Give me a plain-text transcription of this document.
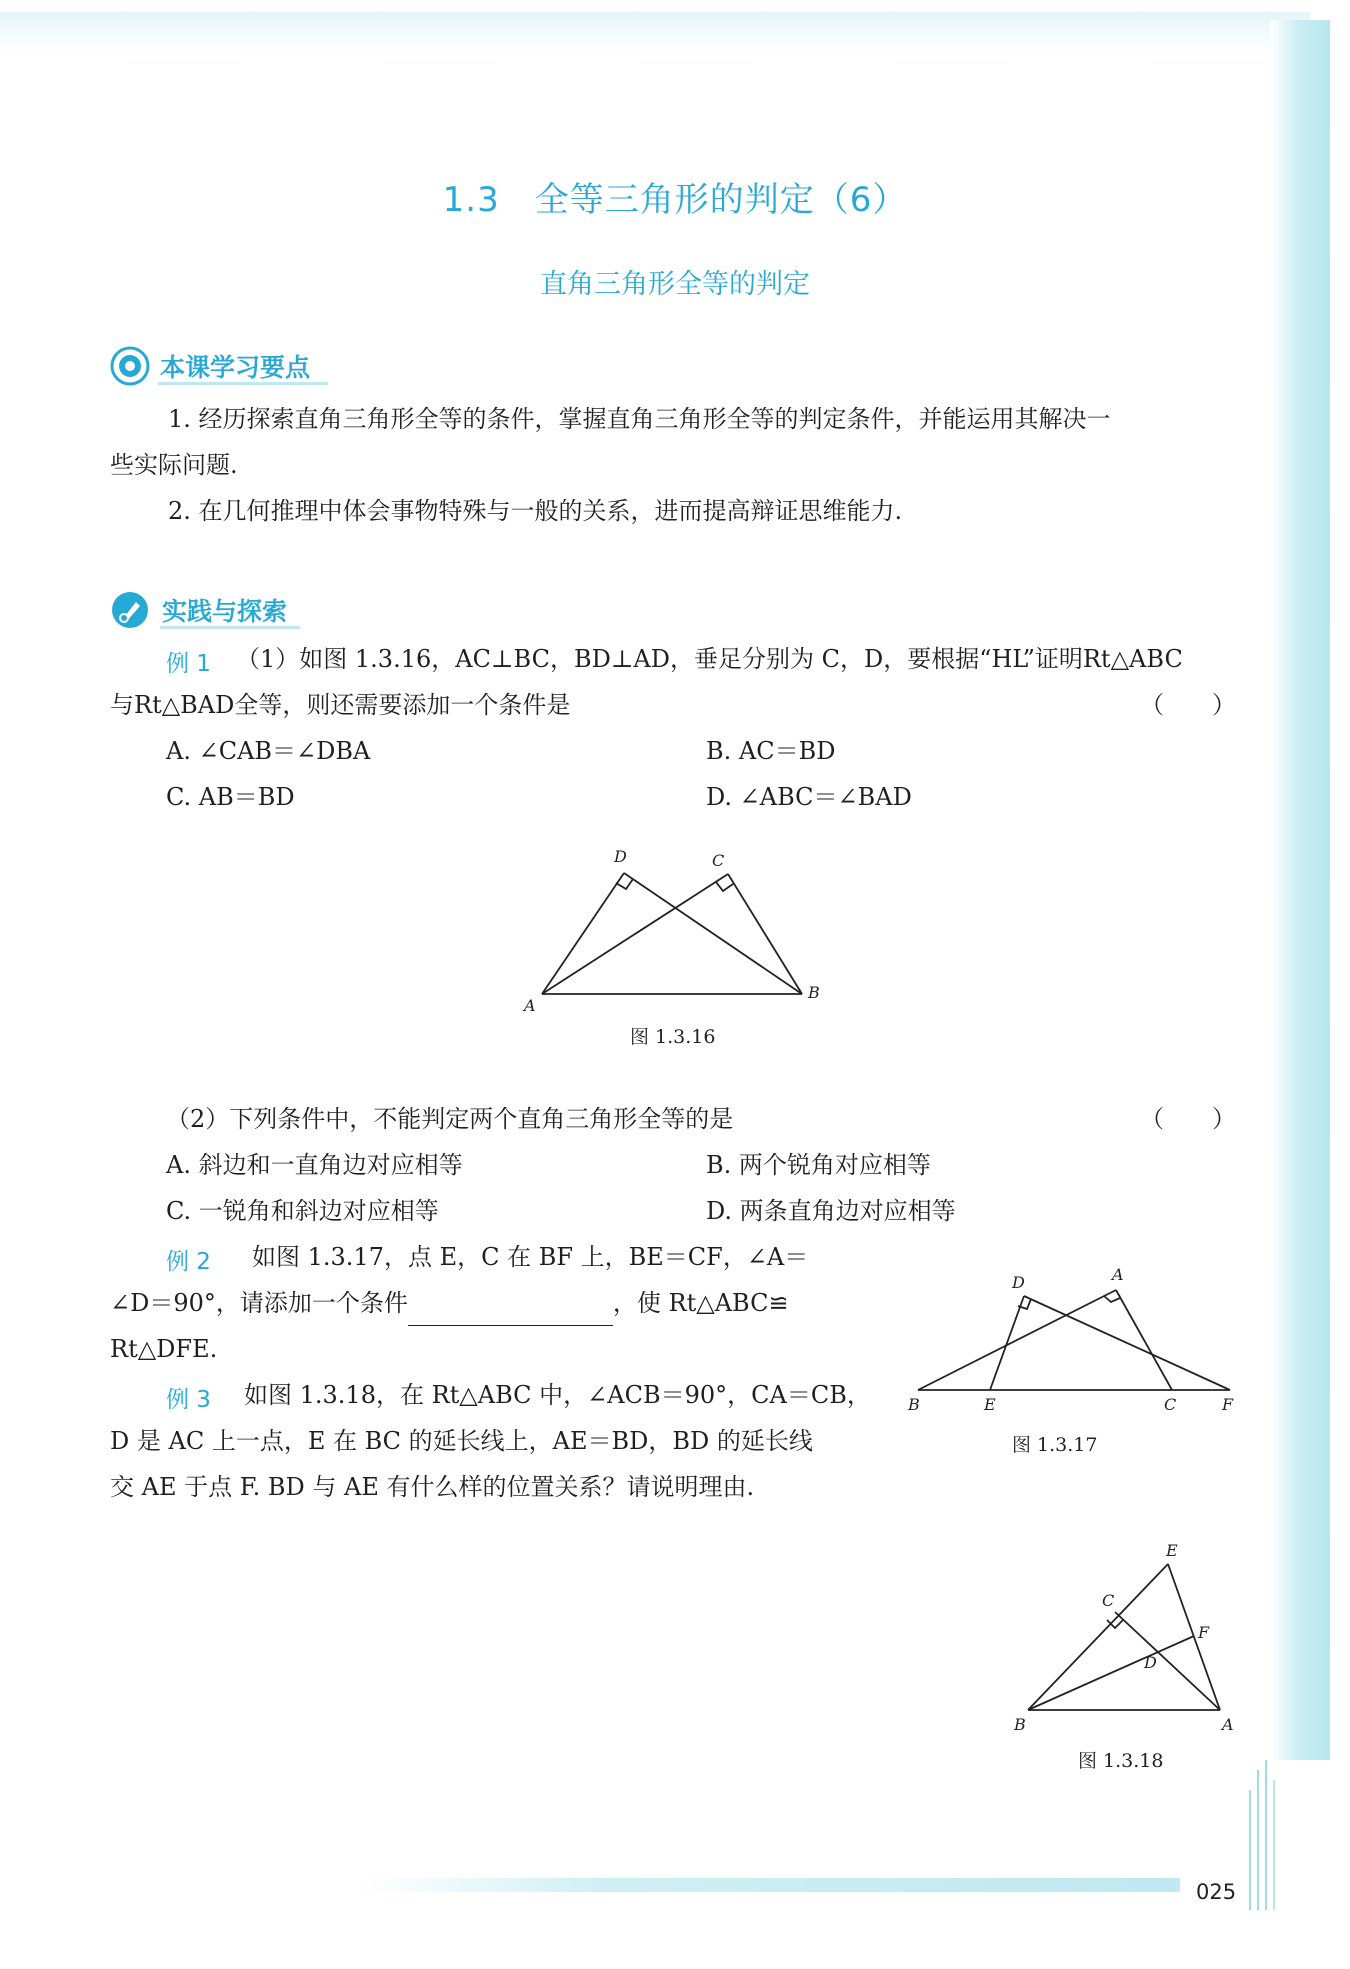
1.3　全等三角形的判定（6）
直角三角形全等的判定
本课学习要点
1. 经历探索直角三角形全等的条件，掌握直角三角形全等的判定条件，并能运用其解决一
些实际问题.
2. 在几何推理中体会事物特殊与一般的关系，进而提高辩证思维能力.
实践与探索
例 1 （1）如图 1.3.16，AC⊥BC，BD⊥AD，垂足分别为 C，D，要根据“HL”证明Rt△ABC
与Rt△BAD全等，则还需要添加一个条件是	（　　）
A. ∠CAB＝∠DBA	B. AC＝BD
C. AB＝BD	D. ∠ABC＝∠BAD
A
B
C
D
图 1.3.16
（2）下列条件中，不能判定两个直角三角形全等的是	（　　）
A. 斜边和一直角边对应相等	B. 两个锐角对应相等
C. 一锐角和斜边对应相等	D. 两条直角边对应相等
例 2 如图 1.3.17，点 E，C 在 BF 上，BE＝CF，∠A＝
∠D＝90°，请添加一个条件	，使 Rt△ABC≌
Rt△DFE.
B	E	C	F
D	A
图 1.3.17
例 3 如图 1.3.18，在 Rt△ABC 中，∠ACB＝90°，CA＝CB，
D 是 AC 上一点，E 在 BC 的延长线上，AE＝BD，BD 的延长线
交 AE 于点 F. BD 与 AE 有什么样的位置关系？请说明理由.
B	A
C
E
F
D
图 1.3.18
025
